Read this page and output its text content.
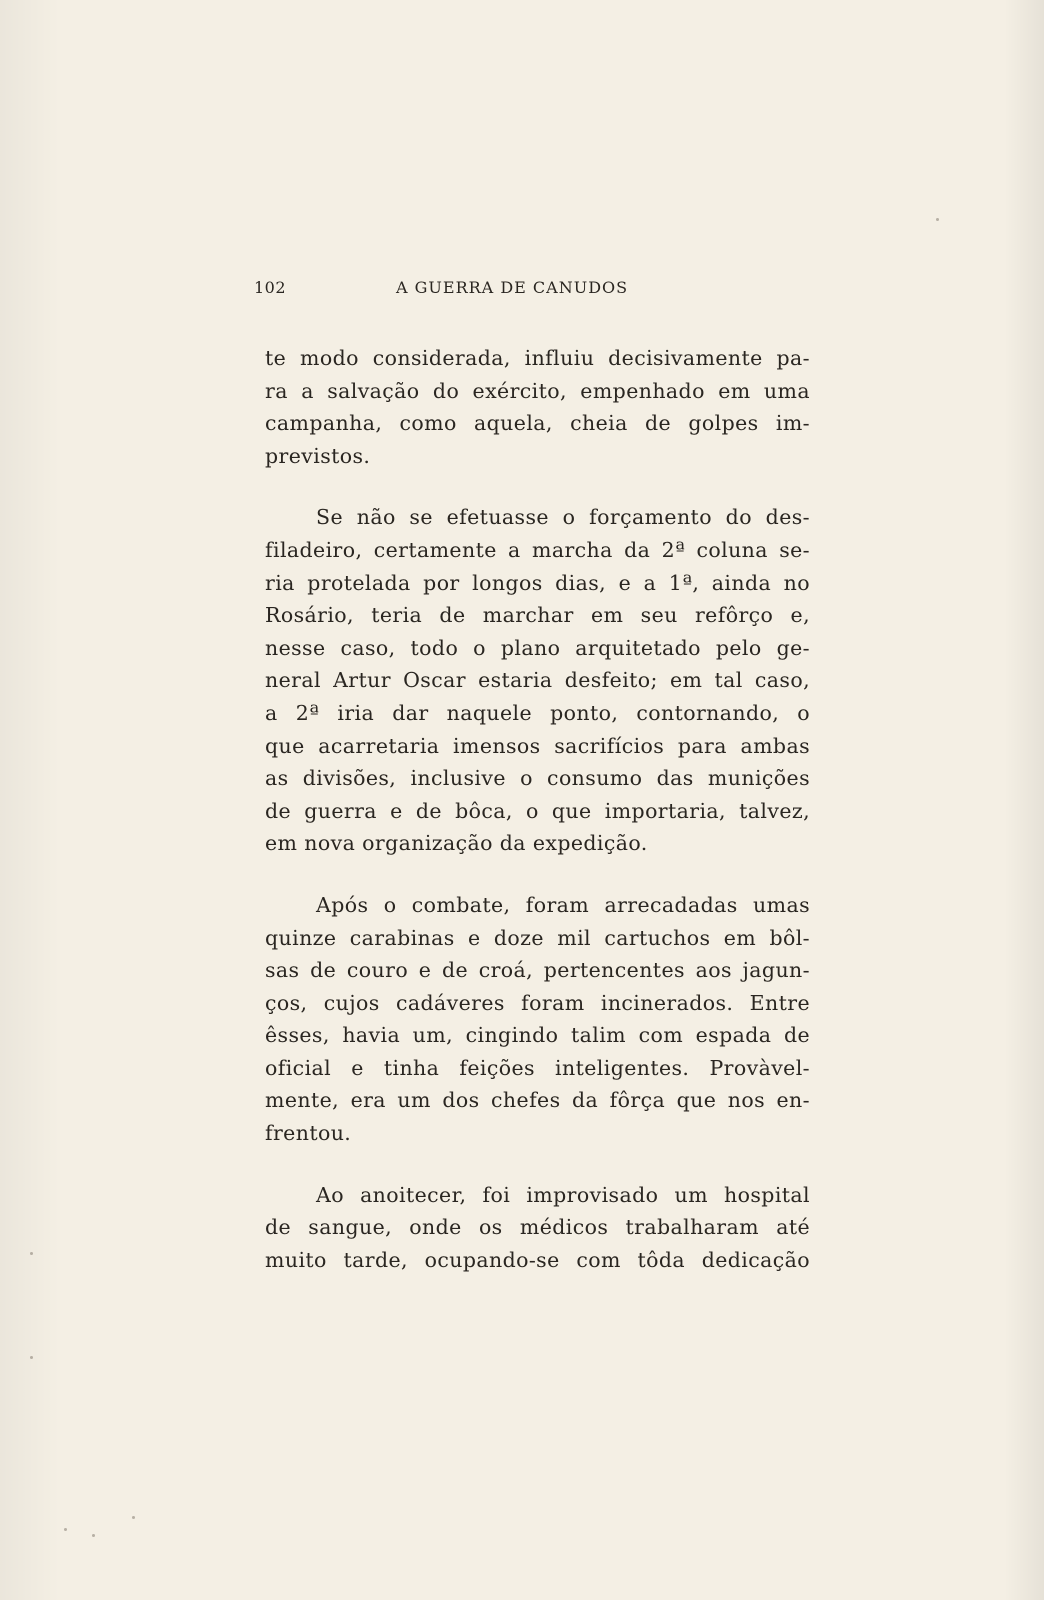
102	A GUERRA DE CANUDOS

te modo considerada, influiu decisivamente pa-
ra a salvação do exército, empenhado em uma
campanha, como aquela, cheia de golpes im-
previstos.

Se não se efetuasse o forçamento do des-
filadeiro, certamente a marcha da 2ª coluna se-
ria protelada por longos dias, e a 1ª, ainda no
Rosário, teria de marchar em seu refôrço e,
nesse caso, todo o plano arquitetado pelo ge-
neral Artur Oscar estaria desfeito; em tal caso,
a 2ª iria dar naquele ponto, contornando, o
que acarretaria imensos sacrifícios para ambas
as divisões, inclusive o consumo das munições
de guerra e de bôca, o que importaria, talvez,
em nova organização da expedição.

Após o combate, foram arrecadadas umas
quinze carabinas e doze mil cartuchos em bôl-
sas de couro e de croá, pertencentes aos jagun-
ços, cujos cadáveres foram incinerados. Entre
êsses, havia um, cingindo talim com espada de
oficial e tinha feições inteligentes. Provàvel-
mente, era um dos chefes da fôrça que nos en-
frentou.

Ao anoitecer, foi improvisado um hospital
de sangue, onde os médicos trabalharam até
muito tarde, ocupando-se com tôda dedicação
